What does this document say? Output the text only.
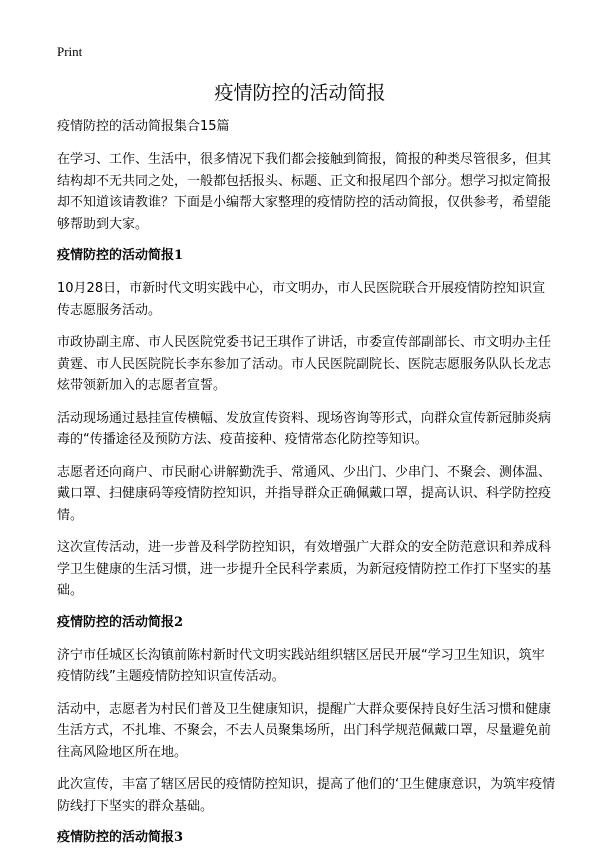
Print
疫情防控的活动简报

疫情防控的活动简报集合15篇

在学习、工作、生活中，很多情况下我们都会接触到简报，简报的种类尽管很多，但其结构却不无共同之处，一般都包括报头、标题、正文和报尾四个部分。想学习拟定简报却不知道该请教谁？下面是小编帮大家整理的疫情防控的活动简报，仅供参考，希望能够帮助到大家。

疫情防控的活动简报1

10月28日，市新时代文明实践中心，市文明办，市人民医院联合开展疫情防控知识宣传志愿服务活动。

市政协副主席、市人民医院党委书记王琪作了讲话，市委宣传部副部长、市文明办主任黄霆、市人民医院院长李东参加了活动。市人民医院副院长、医院志愿服务队队长龙志炫带领新加入的志愿者宣誓。

活动现场通过悬挂宣传横幅、发放宣传资料、现场咨询等形式，向群众宣传新冠肺炎病毒的“传播途径及预防方法、疫苗接种、疫情常态化防控等知识。

志愿者还向商户、市民耐心讲解勤洗手、常通风、少出门、少串门、不聚会、测体温、戴口罩、扫健康码等疫情防控知识，并指导群众正确佩戴口罩，提高认识、科学防控疫情。

这次宣传活动，进一步普及科学防控知识，有效增强广大群众的安全防范意识和养成科学卫生健康的生活习惯，进一步提升全民科学素质，为新冠疫情防控工作打下坚实的基础。

疫情防控的活动简报2

济宁市任城区长沟镇前陈村新时代文明实践站组织辖区居民开展“学习卫生知识，筑牢疫情防线”主题疫情防控知识宣传活动。

活动中，志愿者为村民们普及卫生健康知识，提醒广大群众要保持良好生活习惯和健康生活方式，不扎堆、不聚会，不去人员聚集场所，出门科学规范佩戴口罩，尽量避免前往高风险地区所在地。

此次宣传，丰富了辖区居民的疫情防控知识，提高了他们的‘卫生健康意识，为筑牢疫情防线打下坚实的群众基础。

疫情防控的活动简报3
